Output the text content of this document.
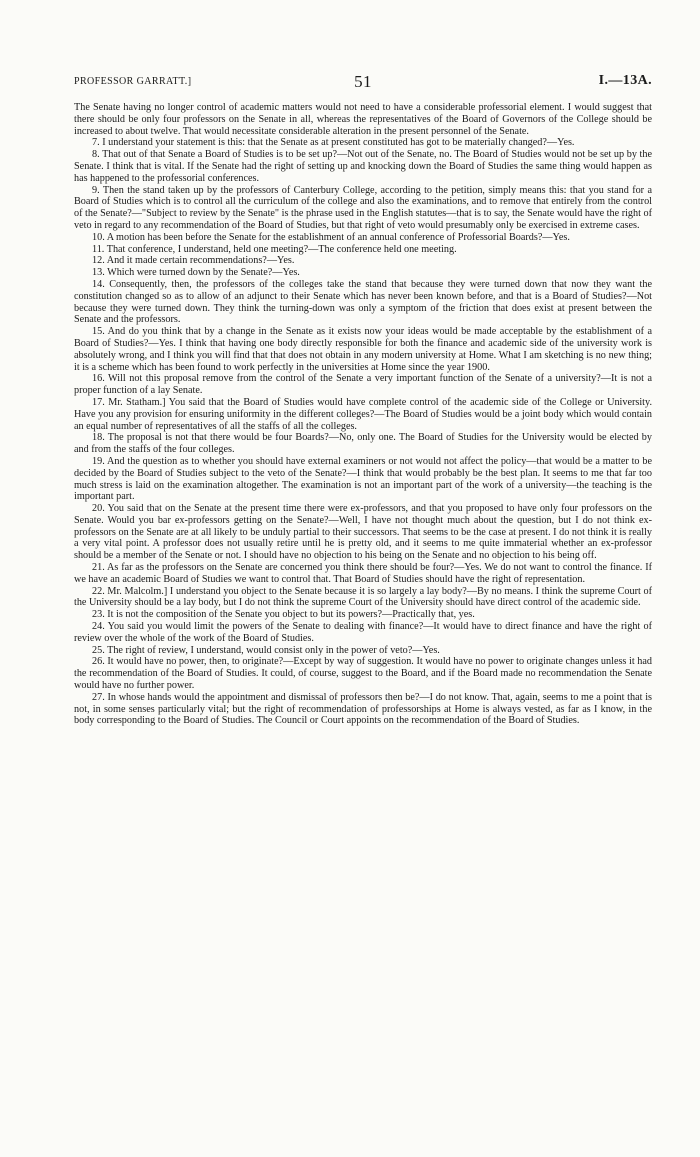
PROFESSOR GARRATT.]	51	I.—13A.

The Senate having no longer control of academic matters would not need to have a considerable professorial element. I would suggest that there should be only four professors on the Senate in all, whereas the representatives of the Board of Governors of the College should be increased to about twelve. That would necessitate considerable alteration in the present personnel of the Senate.

7. I understand your statement is this: that the Senate as at present constituted has got to be materially changed?—Yes.

8. That out of that Senate a Board of Studies is to be set up?—Not out of the Senate, no. The Board of Studies would not be set up by the Senate. I think that is vital. If the Senate had the right of setting up and knocking down the Board of Studies the same thing would happen as has happened to the professorial conferences.

9. Then the stand taken up by the professors of Canterbury College, according to the petition, simply means this: that you stand for a Board of Studies which is to control all the curriculum of the college and also the examinations, and to remove that entirely from the control of the Senate?—"Subject to review by the Senate" is the phrase used in the English statutes—that is to say, the Senate would have the right of veto in regard to any recommendation of the Board of Studies, but that right of veto would presumably only be exercised in extreme cases.

10. A motion has been before the Senate for the establishment of an annual conference of Professorial Boards?—Yes.

11. That conference, I understand, held one meeting?—The conference held one meeting.

12. And it made certain recommendations?—Yes.

13. Which were turned down by the Senate?—Yes.

14. Consequently, then, the professors of the colleges take the stand that because they were turned down that now they want the constitution changed so as to allow of an adjunct to their Senate which has never been known before, and that is a Board of Studies?—Not because they were turned down. They think the turning-down was only a symptom of the friction that does exist at present between the Senate and the professors.

15. And do you think that by a change in the Senate as it exists now your ideas would be made acceptable by the establishment of a Board of Studies?—Yes. I think that having one body directly responsible for both the finance and academic side of the university work is absolutely wrong, and I think you will find that that does not obtain in any modern university at Home. What I am sketching is no new thing; it is a scheme which has been found to work perfectly in the universities at Home since the year 1900.

16. Will not this proposal remove from the control of the Senate a very important function of the Senate of a university?—It is not a proper function of a lay Senate.

17. Mr. Statham.] You said that the Board of Studies would have complete control of the academic side of the College or University. Have you any provision for ensuring uniformity in the different colleges?—The Board of Studies would be a joint body which would contain an equal number of representatives of all the staffs of all the colleges.

18. The proposal is not that there would be four Boards?—No, only one. The Board of Studies for the University would be elected by and from the staffs of the four colleges.

19. And the question as to whether you should have external examiners or not would not affect the policy—that would be a matter to be decided by the Board of Studies subject to the veto of the Senate?—I think that would probably be the best plan. It seems to me that far too much stress is laid on the examination altogether. The examination is not an important part of the work of a university—the teaching is the important part.

20. You said that on the Senate at the present time there were ex-professors, and that you proposed to have only four professors on the Senate. Would you bar ex-professors getting on the Senate?—Well, I have not thought much about the question, but I do not think ex-professors on the Senate are at all likely to be unduly partial to their successors. That seems to be the case at present. I do not think it is really a very vital point. A professor does not usually retire until he is pretty old, and it seems to me quite immaterial whether an ex-professor should be a member of the Senate or not. I should have no objection to his being on the Senate and no objection to his being off.

21. As far as the professors on the Senate are concerned you think there should be four?—Yes. We do not want to control the finance. If we have an academic Board of Studies we want to control that. That Board of Studies should have the right of representation.

22. Mr. Malcolm.] I understand you object to the Senate because it is so largely a lay body?—By no means. I think the supreme Court of the University should be a lay body, but I do not think the supreme Court of the University should have direct control of the academic side.

23. It is not the composition of the Senate you object to but its powers?—Practically that, yes.

24. You said you would limit the powers of the Senate to dealing with finance?—It would have to direct finance and have the right of review over the whole of the work of the Board of Studies.

25. The right of review, I understand, would consist only in the power of veto?—Yes.

26. It would have no power, then, to originate?—Except by way of suggestion. It would have no power to originate changes unless it had the recommendation of the Board of Studies. It could, of course, suggest to the Board, and if the Board made no recommendation the Senate would have no further power.

27. In whose hands would the appointment and dismissal of professors then be?—I do not know. That, again, seems to me a point that is not, in some senses particularly vital; but the right of recommendation of professorships at Home is always vested, as far as I know, in the body corresponding to the Board of Studies. The Council or Court appoints on the recommendation of the Board of Studies.
